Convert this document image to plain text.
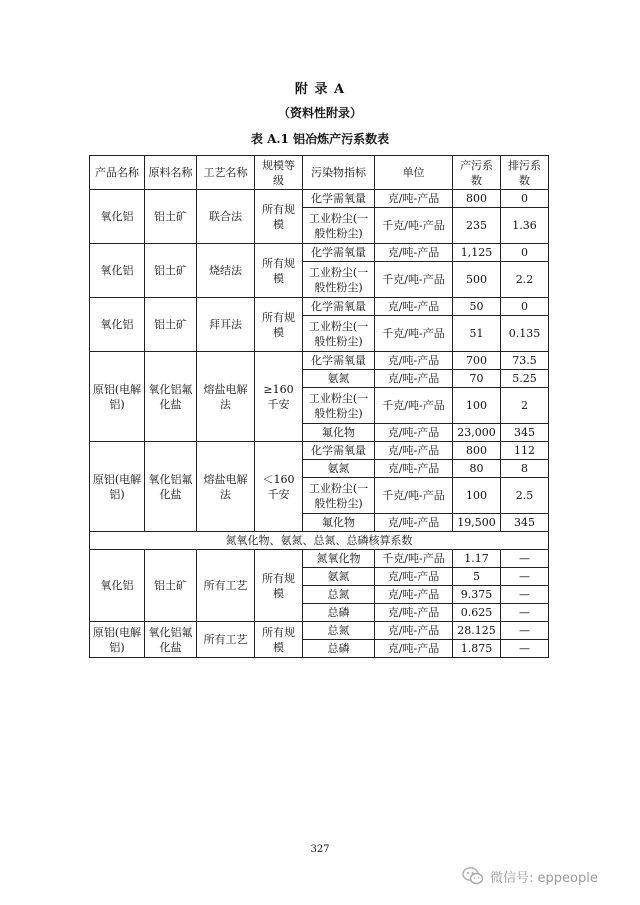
附 录 A
（资料性附录）
表 A.1 铝冶炼产污系数表
产品名称	原料名称	工艺名称	规模等级	污染物指标	单位	产污系数	排污系数
氧化铝	铝土矿	联合法	所有规模	化学需氧量	克/吨-产品	800	0
				工业粉尘(一般性粉尘)	千克/吨-产品	235	1.36
氧化铝	铝土矿	烧结法	所有规模	化学需氧量	克/吨-产品	1,125	0
				工业粉尘(一般性粉尘)	千克/吨-产品	500	2.2
氧化铝	铝土矿	拜耳法	所有规模	化学需氧量	克/吨-产品	50	0
				工业粉尘(一般性粉尘)	千克/吨-产品	51	0.135
原铝(电解铝)	氧化铝氟化盐	熔盐电解法	≥160 千安	化学需氧量	克/吨-产品	700	73.5
				氨氮	克/吨-产品	70	5.25
				工业粉尘(一般性粉尘)	千克/吨-产品	100	2
				氟化物	克/吨-产品	23,000	345
原铝(电解铝)	氧化铝氟化盐	熔盐电解法	＜160 千安	化学需氧量	克/吨-产品	800	112
				氨氮	克/吨-产品	80	8
				工业粉尘(一般性粉尘)	千克/吨-产品	100	2.5
				氟化物	克/吨-产品	19,500	345
氮氧化物、氨氮、总氮、总磷核算系数							
氧化铝	铝土矿	所有工艺	所有规模	氮氧化物	千克/吨-产品	1.17	—
				氨氮	克/吨-产品	5	—
				总氮	克/吨-产品	9.375	—
				总磷	克/吨-产品	0.625	—
原铝(电解铝)	氧化铝氟化盐	所有工艺	所有规模	总氮	克/吨-产品	28.125	—
				总磷	克/吨-产品	1.875	—
327
微信号: eppeople
